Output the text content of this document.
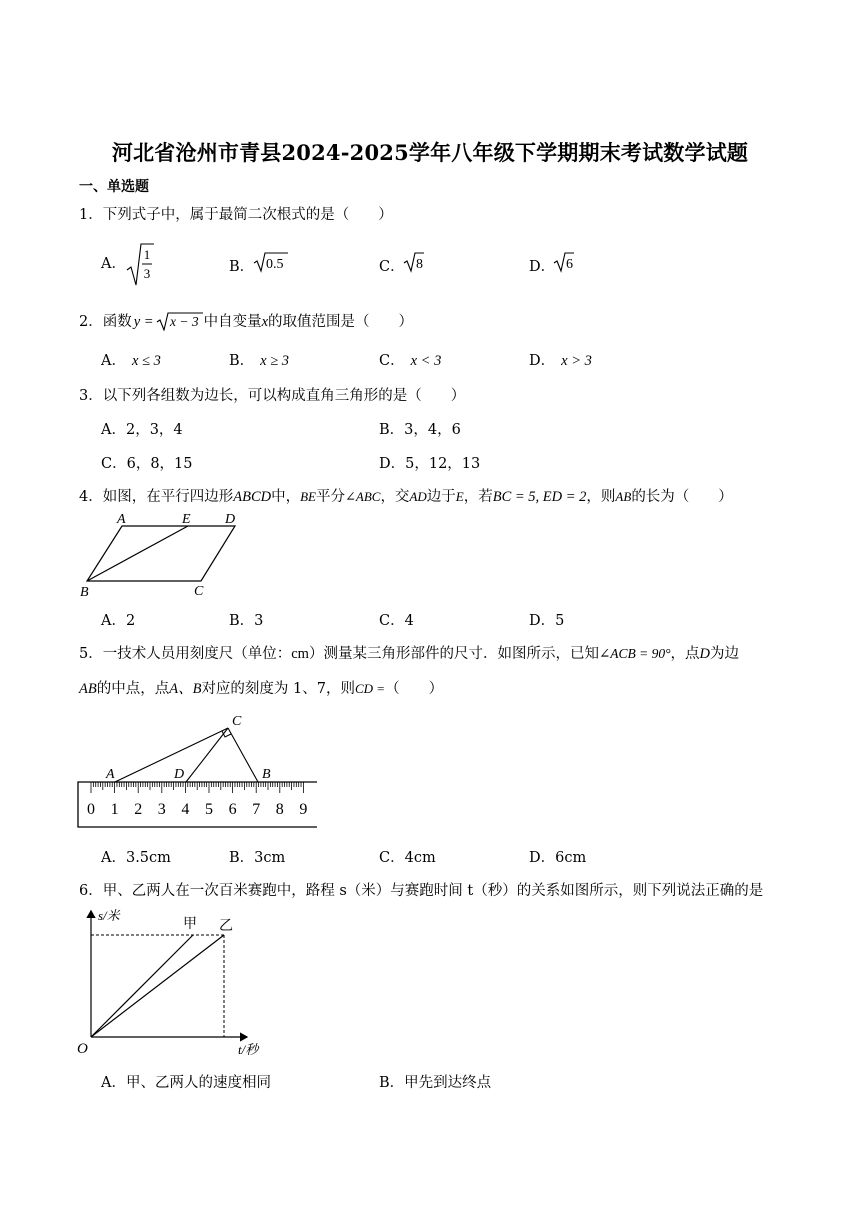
河北省沧州市青县2024-2025学年八年级下学期期末考试数学试题
一、单选题
1．下列式子中，属于最简二次根式的是（　　）
A．
1
3	B． 0.5	C． 8	D． 6
2．函数 y = x − 3 中自变量x的取值范围是（　　）
A． x ≤ 3	B． x ≥ 3	C． x < 3	D． x > 3
3．以下列各组数为边长，可以构成直角三角形的是（　　）
A．2，3，4	B．3，4，6
C．6，8，15	D．5，12，13
4．如图，在平行四边形ABCD中，BE平分∠ABC，交AD边于E，若BC = 5, ED = 2，则AB的长为（　　）
A	E D
B	C
A．2	B．3	C．4	D．5
5．一技术人员用刻度尺（单位：cm）测量某三角形部件的尺寸．如图所示，已知∠ACB = 90°，点D为边
AB的中点，点A、B对应的刻度为 1、7，则CD =（　　）
0 1 2 3 4 5 6 7 8 9
C
A	D	B
A．3.5cm	B．3cm	C．4cm	D．6cm
6．甲、乙两人在一次百米赛跑中，路程 s（米）与赛跑时间 t（秒）的关系如图所示，则下列说法正确的是
s/米
t/秒
O
甲 乙
A．甲、乙两人的速度相同	B．甲先到达终点
